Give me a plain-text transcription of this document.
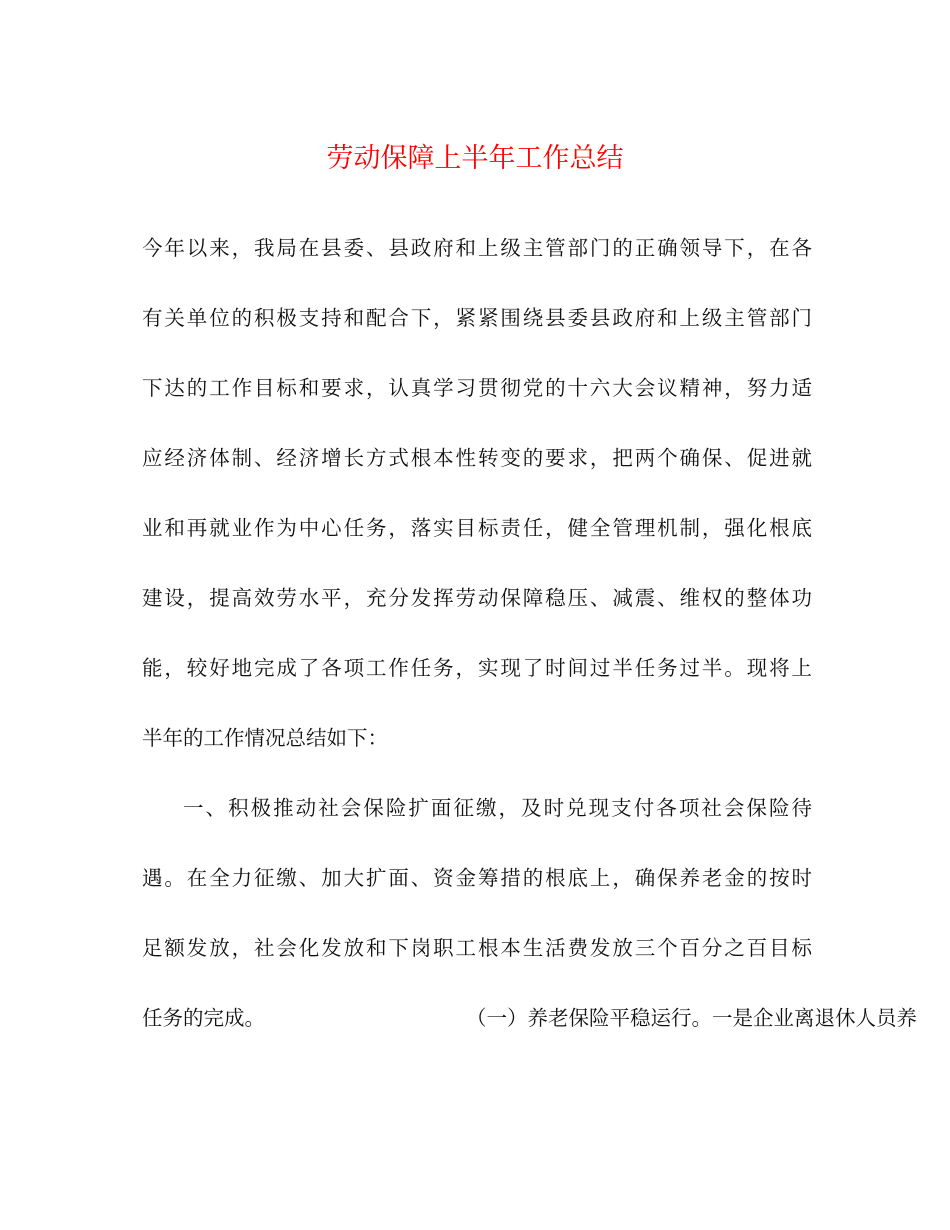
劳动保障上半年工作总结
今年以来，我局在县委、县政府和上级主管部门的正确领导下，在各
有关单位的积极支持和配合下，紧紧围绕县委县政府和上级主管部门
下达的工作目标和要求，认真学习贯彻党的十六大会议精神，努力适
应经济体制、经济增长方式根本性转变的要求，把两个确保、促进就
业和再就业作为中心任务，落实目标责任，健全管理机制，强化根底
建设，提高效劳水平，充分发挥劳动保障稳压、减震、维权的整体功
能，较好地完成了各项工作任务，实现了时间过半任务过半。现将上
半年的工作情况总结如下：
一、积极推动社会保险扩面征缴，及时兑现支付各项社会保险待
遇。在全力征缴、加大扩面、资金筹措的根底上，确保养老金的按时
足额发放，社会化发放和下岗职工根本生活费发放三个百分之百目标
任务的完成。	（一）养老保险平稳运行。一是企业离退休人员养
